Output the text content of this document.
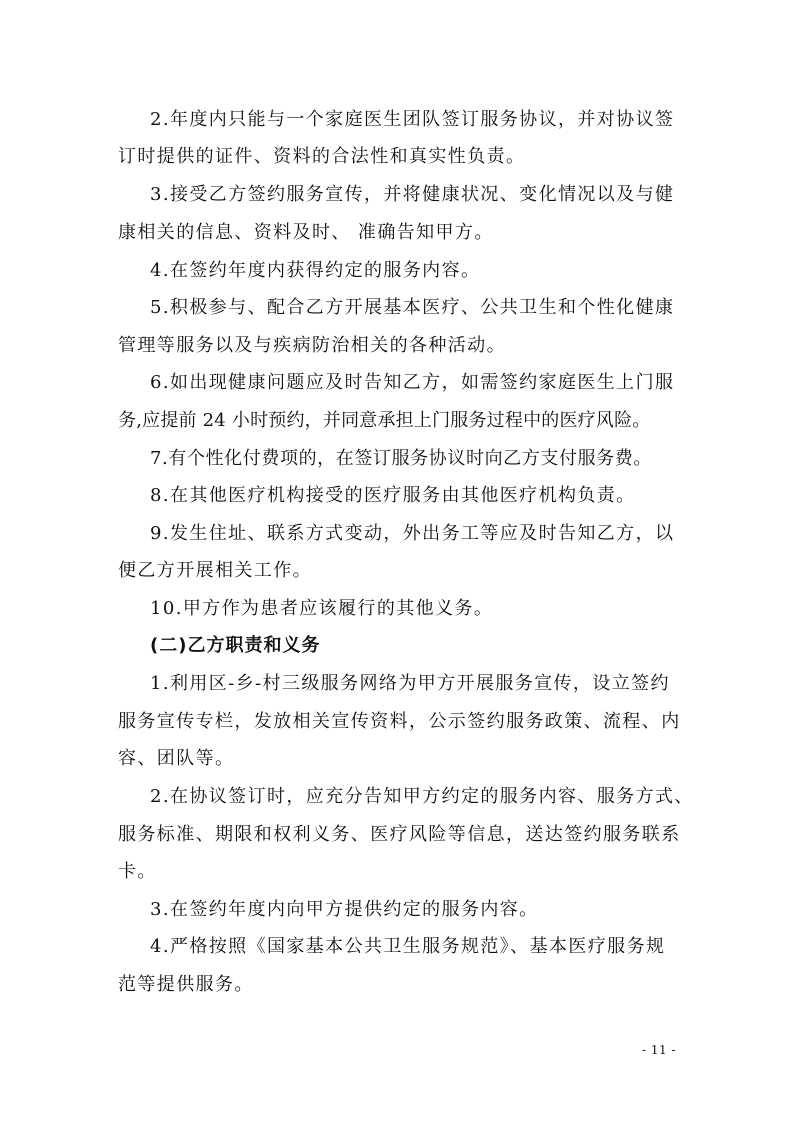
2.年度内只能与一个家庭医生团队签订服务协议，并对协议签
订时提供的证件、资料的合法性和真实性负责。
3.接受乙方签约服务宣传，并将健康状况、变化情况以及与健
康相关的信息、资料及时、 准确告知甲方。
4.在签约年度内获得约定的服务内容。
5.积极参与、配合乙方开展基本医疗、公共卫生和个性化健康
管理等服务以及与疾病防治相关的各种活动。
6.如出现健康问题应及时告知乙方，如需签约家庭医生上门服
务,应提前 24 小时预约，并同意承担上门服务过程中的医疗风险。
7.有个性化付费项的，在签订服务协议时向乙方支付服务费。
8.在其他医疗机构接受的医疗服务由其他医疗机构负责。
9.发生住址、联系方式变动，外出务工等应及时告知乙方，以
便乙方开展相关工作。
10.甲方作为患者应该履行的其他义务。
(二)乙方职责和义务
1.利用区-乡-村三级服务网络为甲方开展服务宣传，设立签约
服务宣传专栏，发放相关宣传资料，公示签约服务政策、流程、内
容、团队等。
2.在协议签订时，应充分告知甲方约定的服务内容、服务方式、
服务标准、期限和权利义务、医疗风险等信息，送达签约服务联系
卡。
3.在签约年度内向甲方提供约定的服务内容。
4.严格按照《国家基本公共卫生服务规范》、基本医疗服务规
范等提供服务。
- 11 -
